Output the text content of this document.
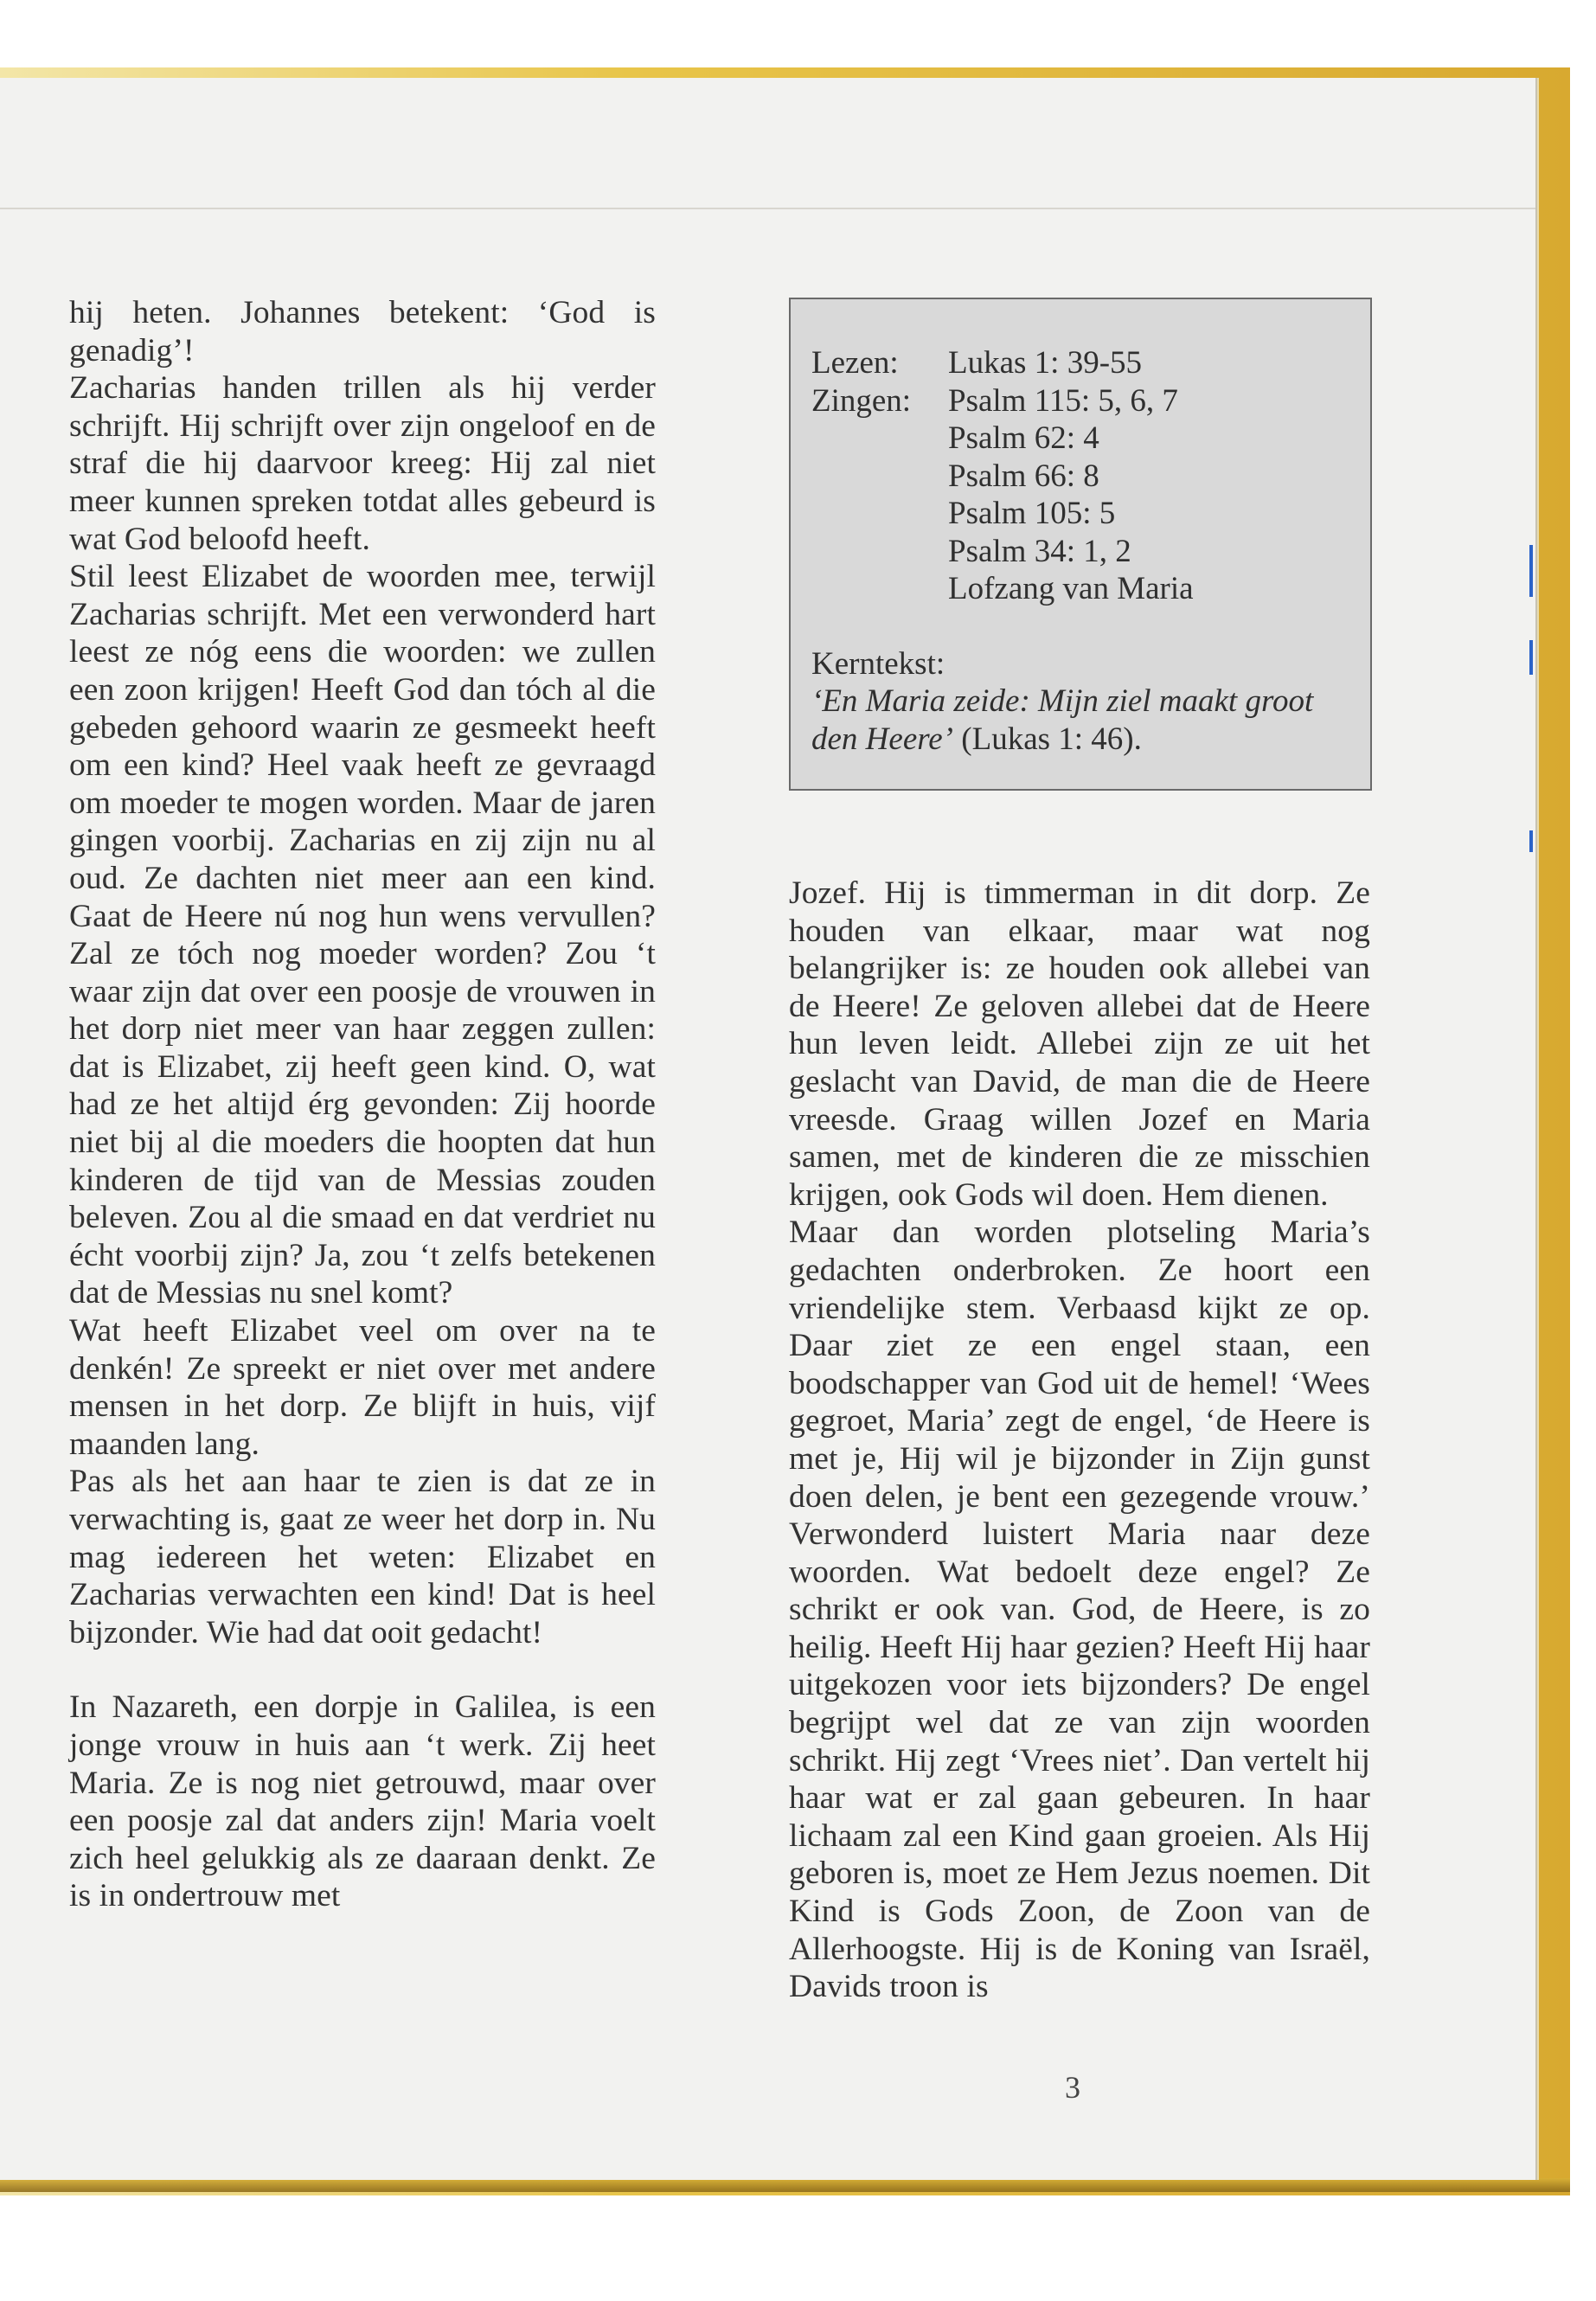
hij heten. Johannes betekent: ‘God is genadig’!

Zacharias handen trillen als hij verder schrijft. Hij schrijft over zijn ongeloof en de straf die hij daarvoor kreeg: Hij zal niet meer kunnen spreken totdat alles gebeurd is wat God beloofd heeft.

Stil leest Elizabet de woorden mee, terwijl Zacharias schrijft. Met een verwonderd hart leest ze nóg eens die woorden: we zullen een zoon krijgen! Heeft God dan tóch al die gebeden gehoord waarin ze gesmeekt heeft om een kind? Heel vaak heeft ze gevraagd om moeder te mogen worden. Maar de jaren gingen voorbij. Zacharias en zij zijn nu al oud. Ze dachten niet meer aan een kind. Gaat de Heere nú nog hun wens vervullen? Zal ze tóch nog moeder worden? Zou ‘t waar zijn dat over een poosje de vrouwen in het dorp niet meer van haar zeggen zullen: dat is Elizabet, zij heeft geen kind. O, wat had ze het altijd érg gevonden: Zij hoorde niet bij al die moeders die hoopten dat hun kinderen de tijd van de Messias zouden beleven. Zou al die smaad en dat verdriet nu écht voorbij zijn? Ja, zou ‘t zelfs betekenen dat de Messias nu snel komt?

Wat heeft Elizabet veel om over na te denkén! Ze spreekt er niet over met andere mensen in het dorp. Ze blijft in huis, vijf maanden lang.

Pas als het aan haar te zien is dat ze in verwachting is, gaat ze weer het dorp in. Nu mag iedereen het weten: Elizabet en Zacharias verwachten een kind! Dat is heel bijzonder. Wie had dat ooit gedacht!

In Nazareth, een dorpje in Galilea, is een jonge vrouw in huis aan ‘t werk. Zij heet Maria. Ze is nog niet getrouwd, maar over een poosje zal dat anders zijn! Maria voelt zich heel gelukkig als ze daaraan denkt. Ze is in ondertrouw met

Lezen:	Lukas 1: 39-55
Zingen:	Psalm 115: 5, 6, 7
Psalm 62: 4
Psalm 66: 8
Psalm 105: 5
Psalm 34: 1, 2
Lofzang van Maria
Kerntekst:
‘En Maria zeide: Mijn ziel maakt groot den Heere’ (Lukas 1: 46).

Jozef. Hij is timmerman in dit dorp. Ze houden van elkaar, maar wat nog belangrijker is: ze houden ook allebei van de Heere! Ze geloven allebei dat de Heere hun leven leidt. Allebei zijn ze uit het geslacht van David, de man die de Heere vreesde. Graag willen Jozef en Maria samen, met de kinderen die ze misschien krijgen, ook Gods wil doen. Hem dienen.

Maar dan worden plotseling Maria’s gedachten onderbroken. Ze hoort een vriendelijke stem. Verbaasd kijkt ze op. Daar ziet ze een engel staan, een boodschapper van God uit de hemel! ‘Wees gegroet, Maria’ zegt de engel, ‘de Heere is met je, Hij wil je bijzonder in Zijn gunst doen delen, je bent een gezegende vrouw.’ Verwonderd luistert Maria naar deze woorden. Wat bedoelt deze engel? Ze schrikt er ook van. God, de Heere, is zo heilig. Heeft Hij haar gezien? Heeft Hij haar uitgekozen voor iets bijzonders? De engel begrijpt wel dat ze van zijn woorden schrikt. Hij zegt ‘Vrees niet’. Dan vertelt hij haar wat er zal gaan gebeuren. In haar lichaam zal een Kind gaan groeien. Als Hij geboren is, moet ze Hem Jezus noemen. Dit Kind is Gods Zoon, de Zoon van de Allerhoogste. Hij is de Koning van Israël, Davids troon is

3
